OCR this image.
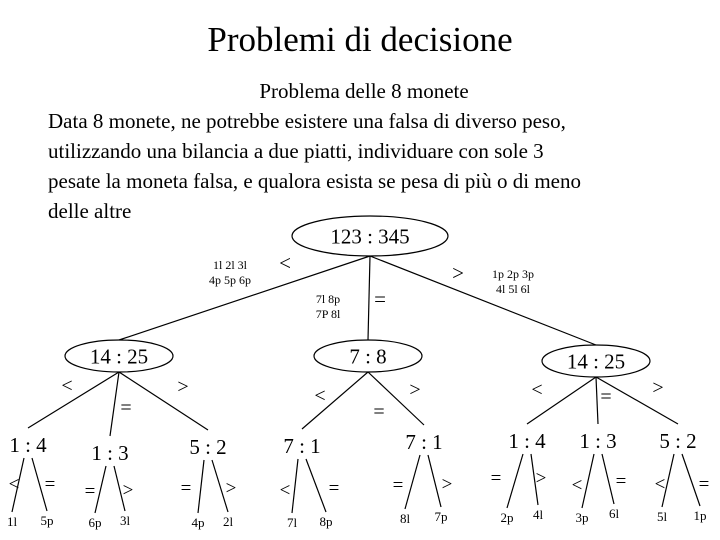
Problemi di decisione
Problema delle 8 monete
Data 8 monete, ne potrebbe esistere una falsa di diverso peso,
utilizzando una bilancia a due piatti, individuare con sole 3
pesate la moneta falsa, e qualora esista se pesa di più o di meno
delle altre
123 : 345
14 : 25	7 : 8	14 : 25
<
=
>
1l 2l 3l
4p 5p 6p
7l 8p
7P 8l
1p 2p 3p
4l 5l 6l
1 : 4 1 : 3	5 : 2	7 : 1	7 : 1	1 : 4 1 : 3 5 : 2
<
=
>	<
=
>	<	= >
1l 5p	6p 3l	4p 2l	7l 8p	8l 7p	2p 4l 3p 6l	5l 1p
< = = > = > < =	= > = > < = < =
